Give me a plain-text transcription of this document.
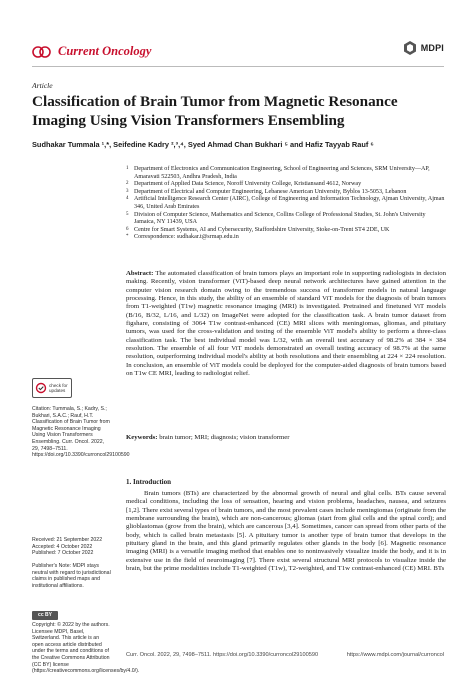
Current Oncology	MDPI
Article
Classification of Brain Tumor from Magnetic Resonance Imaging Using Vision Transformers Ensembling
Sudhakar Tummala ¹,*, Seifedine Kadry ²,³,⁴, Syed Ahmad Chan Bukhari ⁵ and Hafiz Tayyab Rauf ⁶
1 Department of Electronics and Communication Engineering, School of Engineering and Sciences, SRM University—AP, Amaravati 522503, Andhra Pradesh, India
2 Department of Applied Data Science, Noroff University College, Kristiansand 4612, Norway
3 Department of Electrical and Computer Engineering, Lebanese American University, Byblos 13-5053, Lebanon
4 Artificial Intelligence Research Center (AIRC), College of Engineering and Information Technology, Ajman University, Ajman 346, United Arab Emirates
5 Division of Computer Science, Mathematics and Science, Collins College of Professional Studies, St. John's University Jamaica, NY 11439, USA
6 Centre for Smart Systems, AI and Cybersecurity, Staffordshire University, Stoke-on-Trent ST4 2DE, UK
* Correspondence: sudhakar.t@srmap.edu.in
check for updates
Citation: Tummala, S.; Kadry, S.; Bukhari, S.A.C.; Rauf, H.T. Classification of Brain Tumor from Magnetic Resonance Imaging Using Vision Transformers Ensembling. Curr. Oncol. 2022, 29, 7498–7511. https://doi.org/10.3390/curroncol29100590
Received: 21 September 2022
Accepted: 4 October 2022
Published: 7 October 2022
Publisher's Note: MDPI stays neutral with regard to jurisdictional claims in published maps and institutional affiliations.
cc BY
Copyright: © 2022 by the authors. Licensee MDPI, Basel, Switzerland. This article is an open access article distributed under the terms and conditions of the Creative Commons Attribution (CC BY) license (https://creativecommons.org/licenses/by/4.0/).
Abstract: The automated classification of brain tumors plays an important role in supporting radiologists in decision making. Recently, vision transformer (ViT)-based deep neural network architectures have gained attention in the computer vision research domain owing to the tremendous success of transformer models in natural language processing. Hence, in this study, the ability of an ensemble of standard ViT models for the diagnosis of brain tumors from T1-weighted (T1w) magnetic resonance imaging (MRI) is investigated. Pretrained and finetuned ViT models (B/16, B/32, L/16, and L/32) on ImageNet were adopted for the classification task. A brain tumor dataset from figshare, consisting of 3064 T1w contrast-enhanced (CE) MRI slices with meningiomas, gliomas, and pituitary tumors, was used for the cross-validation and testing of the ensemble ViT model's ability to perform a three-class classification task. The best individual model was L/32, with an overall test accuracy of 98.2% at 384 × 384 resolution. The ensemble of all four ViT models demonstrated an overall testing accuracy of 98.7% at the same resolution, outperforming individual model's ability at both resolutions and their ensembling at 224 × 224 resolution. In conclusion, an ensemble of ViT models could be deployed for the computer-aided diagnosis of brain tumors based on T1w CE MRI, leading to radiologist relief.
Keywords: brain tumor; MRI; diagnosis; vision transformer
1. Introduction
Brain tumors (BTs) are characterized by the abnormal growth of neural and glial cells. BTs cause several medical conditions, including the loss of sensation, hearing and vision problems, headaches, nausea, and seizures [1,2]. There exist several types of brain tumors, and the most prevalent cases include meningiomas (originate from the membrane surrounding the brain), which are non-cancerous; gliomas (start from glial cells and the spinal cord); and glioblastomas (grow from the brain), which are cancerous [3,4]. Sometimes, cancer can spread from other parts of the body, which is called brain metastasis [5]. A pituitary tumor is another type of brain tumor that develops in the pituitary gland in the brain, and this gland primarily regulates other glands in the body [6]. Magnetic resonance imaging (MRI) is a versatile imaging method that enables one to noninvasively visualize inside the body, and it is in extensive use in the field of neuroimaging [7]. There exist several structural MRI protocols to visualize inside the brain, but the prime modalities include T1-weighted (T1w), T2-weighted, and T1w contrast-enhanced (CE) MRI. BTs
Curr. Oncol. 2022, 29, 7498–7511. https://doi.org/10.3390/curroncol29100590	https://www.mdpi.com/journal/curroncol
